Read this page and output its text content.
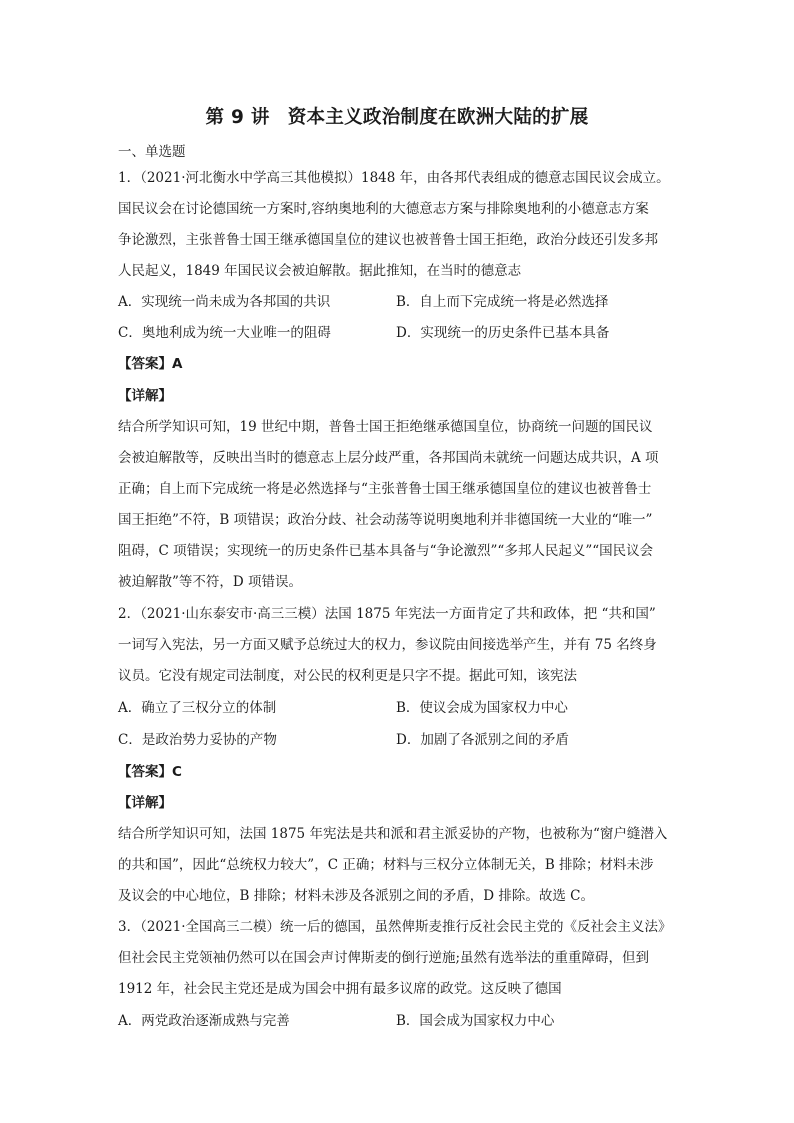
第 9 讲 资本主义政治制度在欧洲大陆的扩展
一、单选题
1．（2021·河北衡水中学高三其他模拟）1848 年，由各邦代表组成的德意志国民议会成立。
国民议会在讨论德国统一方案时,容纳奥地利的大德意志方案与排除奥地利的小德意志方案
争论激烈，主张普鲁士国王继承德国皇位的建议也被普鲁士国王拒绝，政治分歧还引发多邦
人民起义，1849 年国民议会被迫解散。据此推知，在当时的德意志
A．实现统一尚未成为各邦国的共识	B．自上而下完成统一将是必然选择
C．奥地利成为统一大业唯一的阻碍	D．实现统一的历史条件已基本具备
【答案】A
【详解】
结合所学知识可知，19 世纪中期，普鲁士国王拒绝继承德国皇位，协商统一问题的国民议
会被迫解散等，反映出当时的德意志上层分歧严重，各邦国尚未就统一问题达成共识，A 项
正确；自上而下完成统一将是必然选择与“主张普鲁士国王继承德国皇位的建议也被普鲁士
国王拒绝”不符，B 项错误；政治分歧、社会动荡等说明奥地利并非德国统一大业的“唯一”
阻碍，C 项错误；实现统一的历史条件已基本具备与“争论激烈”“多邦人民起义”“国民议会
被迫解散”等不符，D 项错误。
2．（2021·山东泰安市·高三三模）法国 1875 年宪法一方面肯定了共和政体，把 “共和国”
一词写入宪法，另一方面又赋予总统过大的权力，参议院由间接选举产生，并有 75 名终身
议员。它没有规定司法制度，对公民的权利更是只字不提。据此可知，该宪法
A．确立了三权分立的体制	B．使议会成为国家权力中心
C．是政治势力妥协的产物	D．加剧了各派别之间的矛盾
【答案】C
【详解】
结合所学知识可知，法国 1875 年宪法是共和派和君主派妥协的产物，也被称为“窗户缝潜入
的共和国”，因此“总统权力较大”，C 正确；材料与三权分立体制无关，B 排除；材料未涉
及议会的中心地位，B 排除；材料未涉及各派别之间的矛盾，D 排除。故选 C。
3．（2021·全国高三二模）统一后的德国，虽然俾斯麦推行反社会民主党的《反社会主义法》
但社会民主党领袖仍然可以在国会声讨俾斯麦的倒行逆施;虽然有选举法的重重障碍，但到
1912 年，社会民主党还是成为国会中拥有最多议席的政党。这反映了德国
A．两党政治逐渐成熟与完善	B．国会成为国家权力中心
